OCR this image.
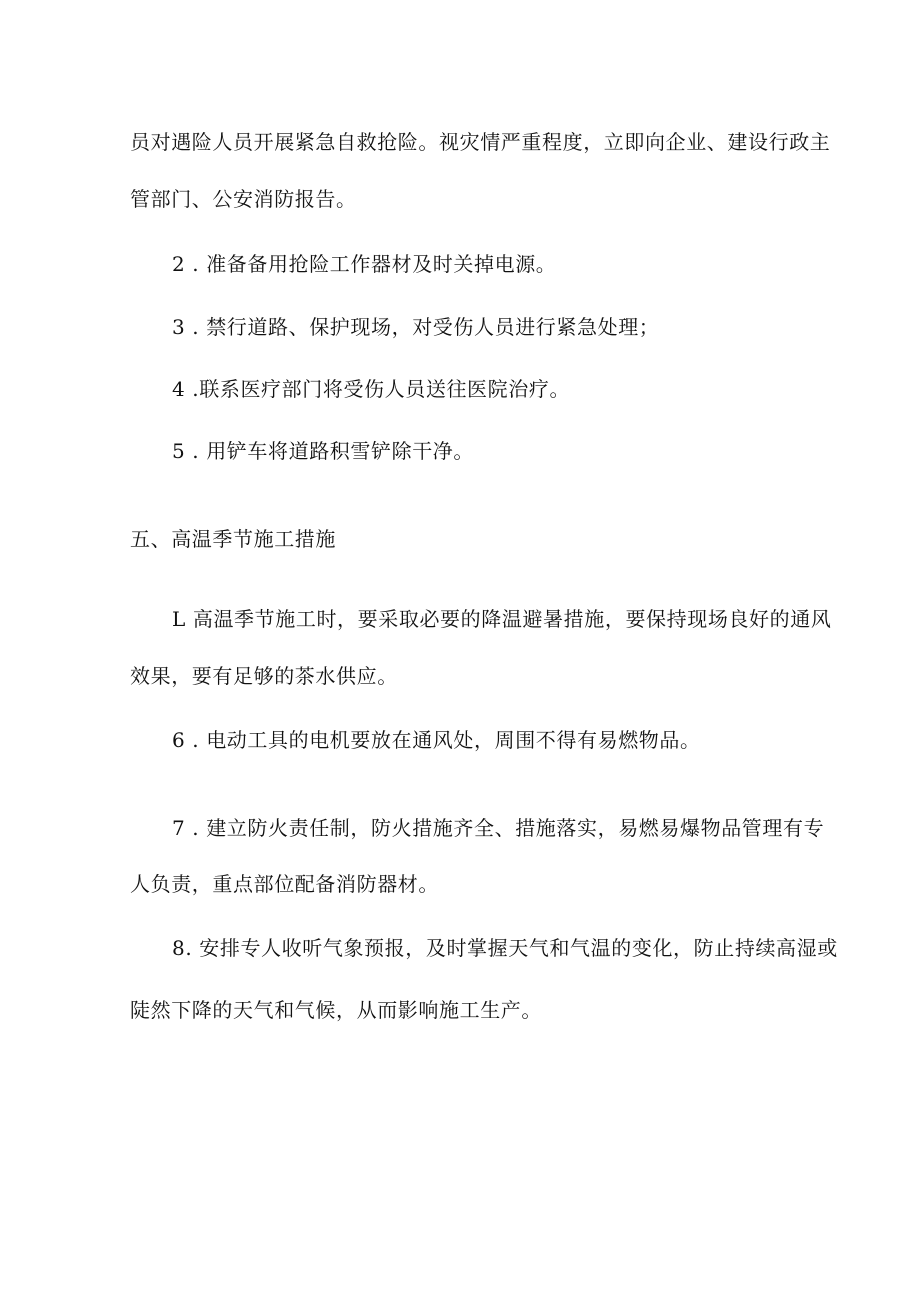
员对遇险人员开展紧急自救抢险。视灾情严重程度，立即向企业、建设行政主
管部门、公安消防报告。
2 . 准备备用抢险工作器材及时关掉电源。
3 . 禁行道路、保护现场，对受伤人员进行紧急处理；
4 .联系医疗部门将受伤人员送往医院治疗。
5 . 用铲车将道路积雪铲除干净。
五、高温季节施工措施
L 高温季节施工时，要采取必要的降温避暑措施，要保持现场良好的通风
效果，要有足够的茶水供应。
6 . 电动工具的电机要放在通风处，周围不得有易燃物品。
7 . 建立防火责任制，防火措施齐全、措施落实，易燃易爆物品管理有专
人负责，重点部位配备消防器材。
8. 安排专人收听气象预报，及时掌握天气和气温的变化，防止持续高湿或
陡然下降的天气和气候，从而影响施工生产。
